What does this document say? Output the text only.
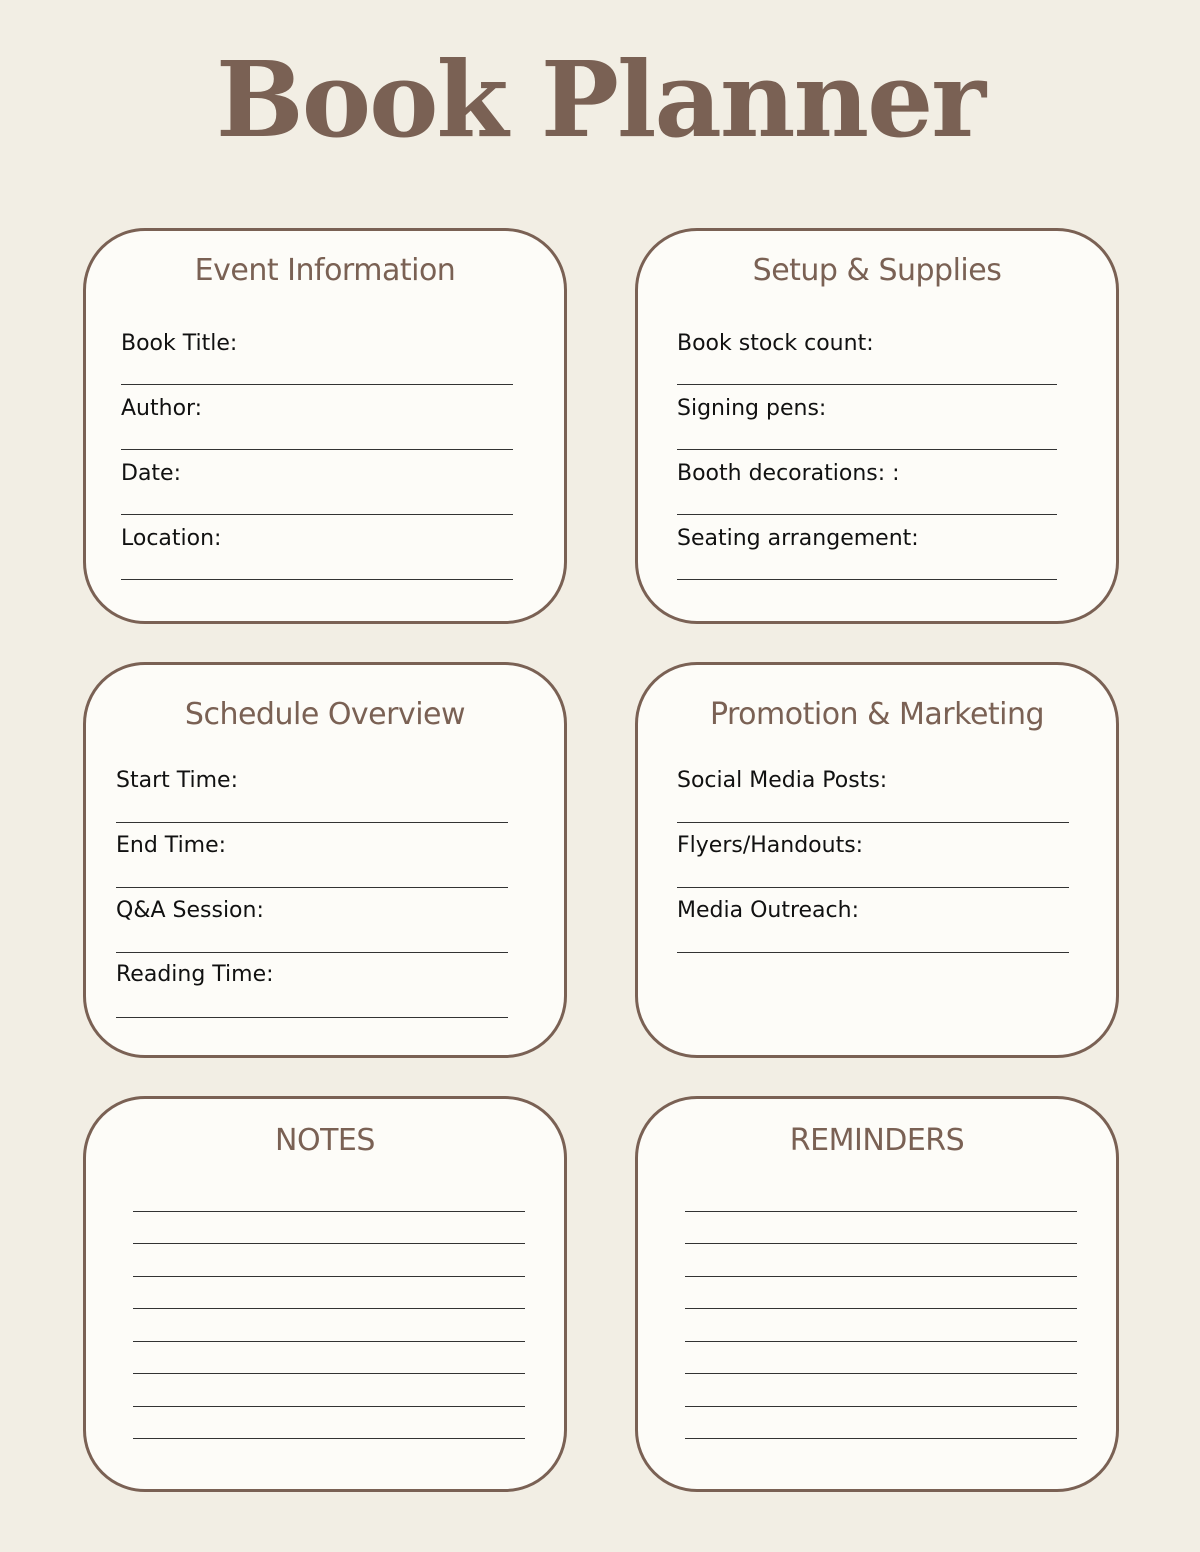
Book Planner
Event Information
Book Title:
Author:
Date:
Location:
Setup & Supplies
Book stock count:
Signing pens:
Booth decorations: :
Seating arrangement:
Schedule Overview
Start Time:
End Time:
Q&A Session:
Reading Time:
Promotion & Marketing
Social Media Posts:
Flyers/Handouts:
Media Outreach:
NOTES	REMINDERS
